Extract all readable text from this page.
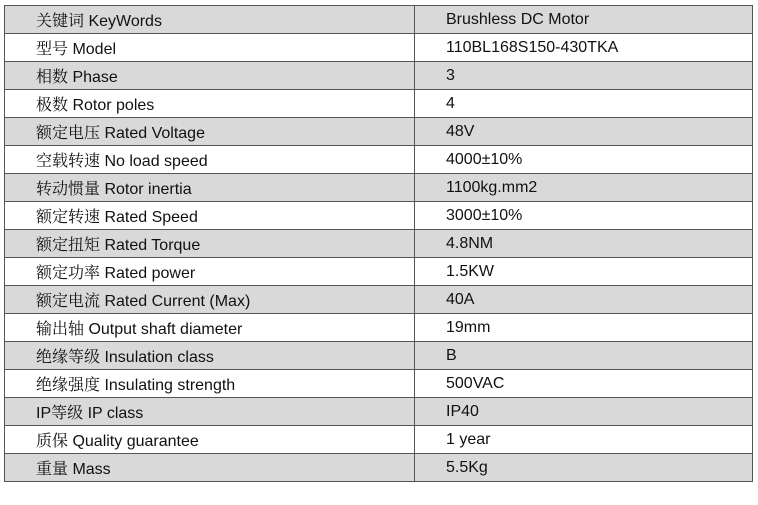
关键词 KeyWords	Brushless DC Motor
型号 Model	110BL168S150-430TKA
相数 Phase	3
极数 Rotor poles	4
额定电压 Rated Voltage	48V
空载转速 No load speed	4000±10%
转动惯量 Rotor inertia	1100kg.mm2
额定转速 Rated Speed	3000±10%
额定扭矩 Rated Torque	4.8NM
额定功率 Rated power	1.5KW
额定电流 Rated Current (Max)	40A
输出轴 Output shaft diameter	19mm
绝缘等级 Insulation class	B
绝缘强度 Insulating strength	500VAC
IP等级 IP class	IP40
质保 Quality guarantee	1 year
重量 Mass	5.5Kg
